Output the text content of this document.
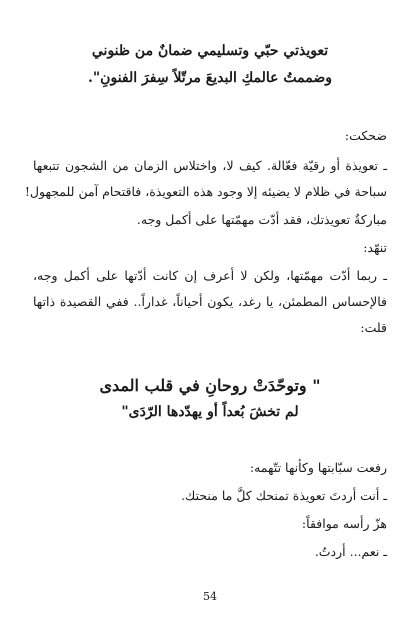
تعويذتي حبّي وتسليمي ضمانٌ من ظنوني
وضممتُ عالمكِ البديعَ مرتّلاً سِفرَ الفنونِ".
ضحكت:
ـ تعويذة أو رقيّة فعّالة. كيف لا، واختلاس الزمان من الشجون تتبعها
سباحة في ظلام لا يضيئه إلا وجود هذه التعويذة، فاقتحام آمن للمجهول!
مباركةٌ تعويذتك، فقد أدّت مهمّتها على أكمل وجه.
تنهّد:
ـ ربما أدّت مهمّتها، ولكن لا أعرف إن كانت أدّتها على أكمل وجه،
فالإحساس المطمئن، يا رغد، يكون أحياناً، غداراً.. ففي القصيدة ذاتها
قلت:
" وتوحّدَتْ روحانِ في قلب المدى
لم تخشَ بُعداً أو يهدّدها الرّدَى"
رفعت سبّابتها وكأنها تتّهمه:
ـ أنت أردتَ تعويذة تمنحك كلَّ ما منحتك.
هزّ رأسه موافقاً:
ـ نعم... أردتُ.
54
